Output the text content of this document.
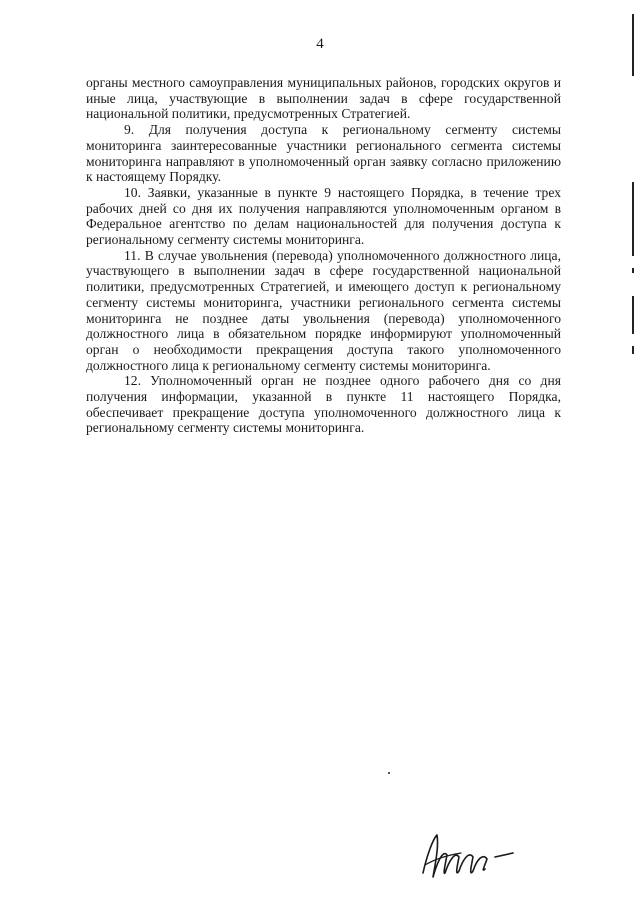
4

органы местного самоуправления муниципальных районов, городских округов и иные лица, участвующие в выполнении задач в сфере государственной национальной политики, предусмотренных Стратегией.

9. Для получения доступа к региональному сегменту системы мониторинга заинтересованные участники регионального сегмента системы мониторинга направляют в уполномоченный орган заявку согласно приложению к настоящему Порядку.

10. Заявки, указанные в пункте 9 настоящего Порядка, в течение трех рабочих дней со дня их получения направляются уполномоченным органом в Федеральное агентство по делам национальностей для получения доступа к региональному сегменту системы мониторинга.

11. В случае увольнения (перевода) уполномоченного должностного лица, участвующего в выполнении задач в сфере государственной национальной политики, предусмотренных Стратегией, и имеющего доступ к региональному сегменту системы мониторинга, участники регионального сегмента системы мониторинга не позднее даты увольнения (перевода) уполномоченного должностного лица в обязательном порядке информируют уполномоченный орган о необходимости прекращения доступа такого уполномоченного должностного лица к региональному сегменту системы мониторинга.

12. Уполномоченный орган не позднее одного рабочего дня со дня получения информации, указанной в пункте 11 настоящего Порядка, обеспечивает прекращение доступа уполномоченного должностного лица к региональному сегменту системы мониторинга.
